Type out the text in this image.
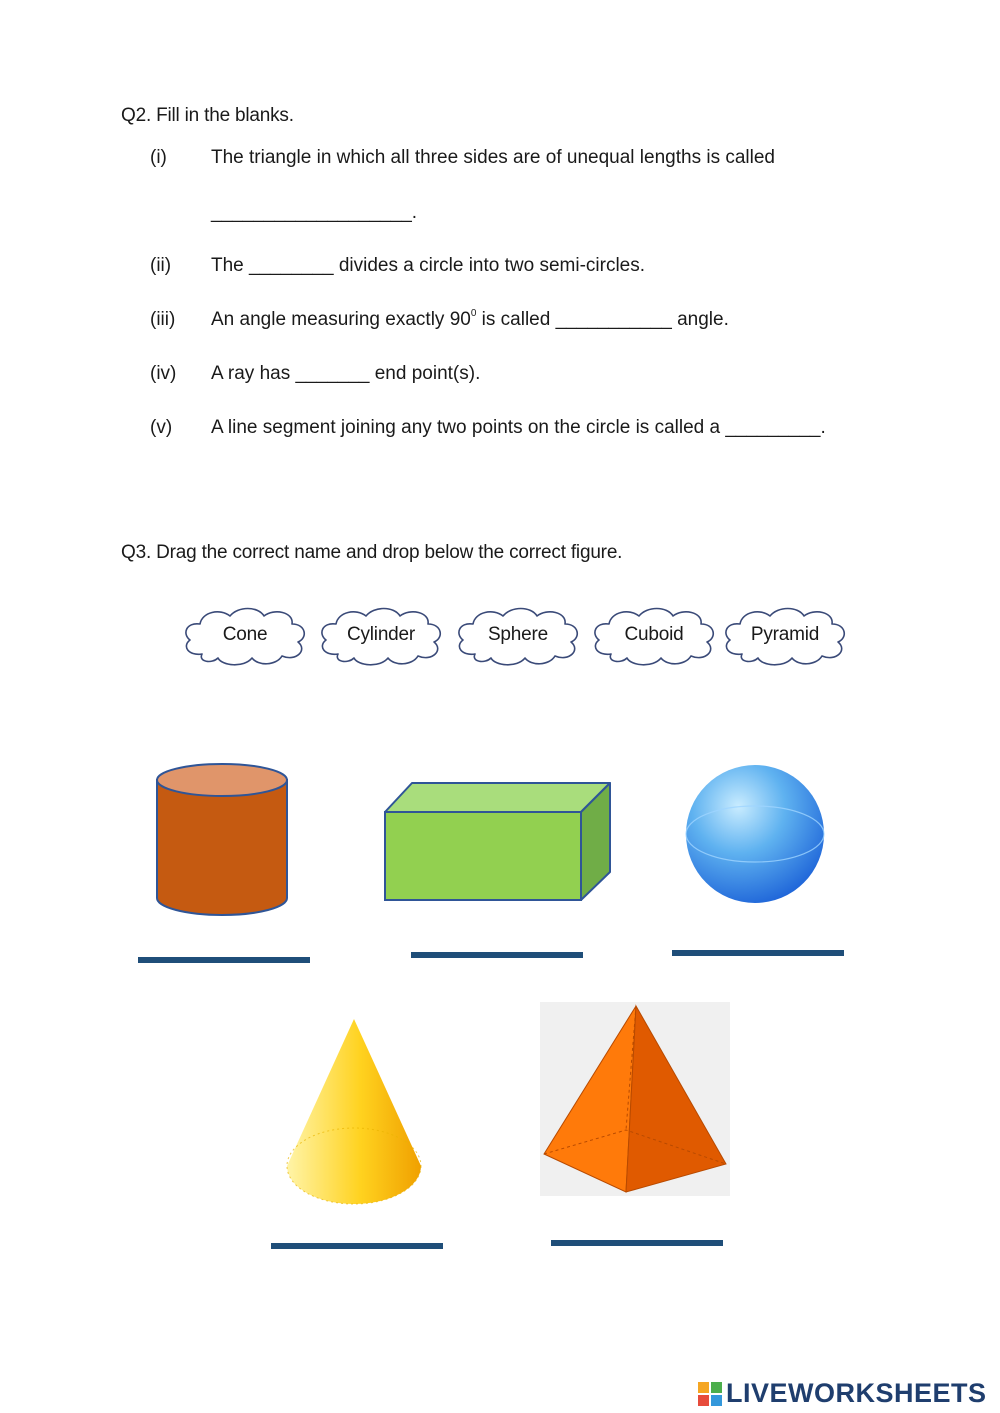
Q2. Fill in the blanks.
(i) The triangle in which all three sides are of unequal lengths is called
___________________.
(ii) The ________ divides a circle into two semi-circles.
(iii) An angle measuring exactly $90^0$ is called ___________ angle.
(iv) A ray has _______ end point(s).
(v) A line segment joining any two points on the circle is called a _________.
Q3. Drag the correct name and drop below the correct figure.
Cone	Cylinder	Sphere	Cuboid	Pyramid
LIVEWORKSHEETS
